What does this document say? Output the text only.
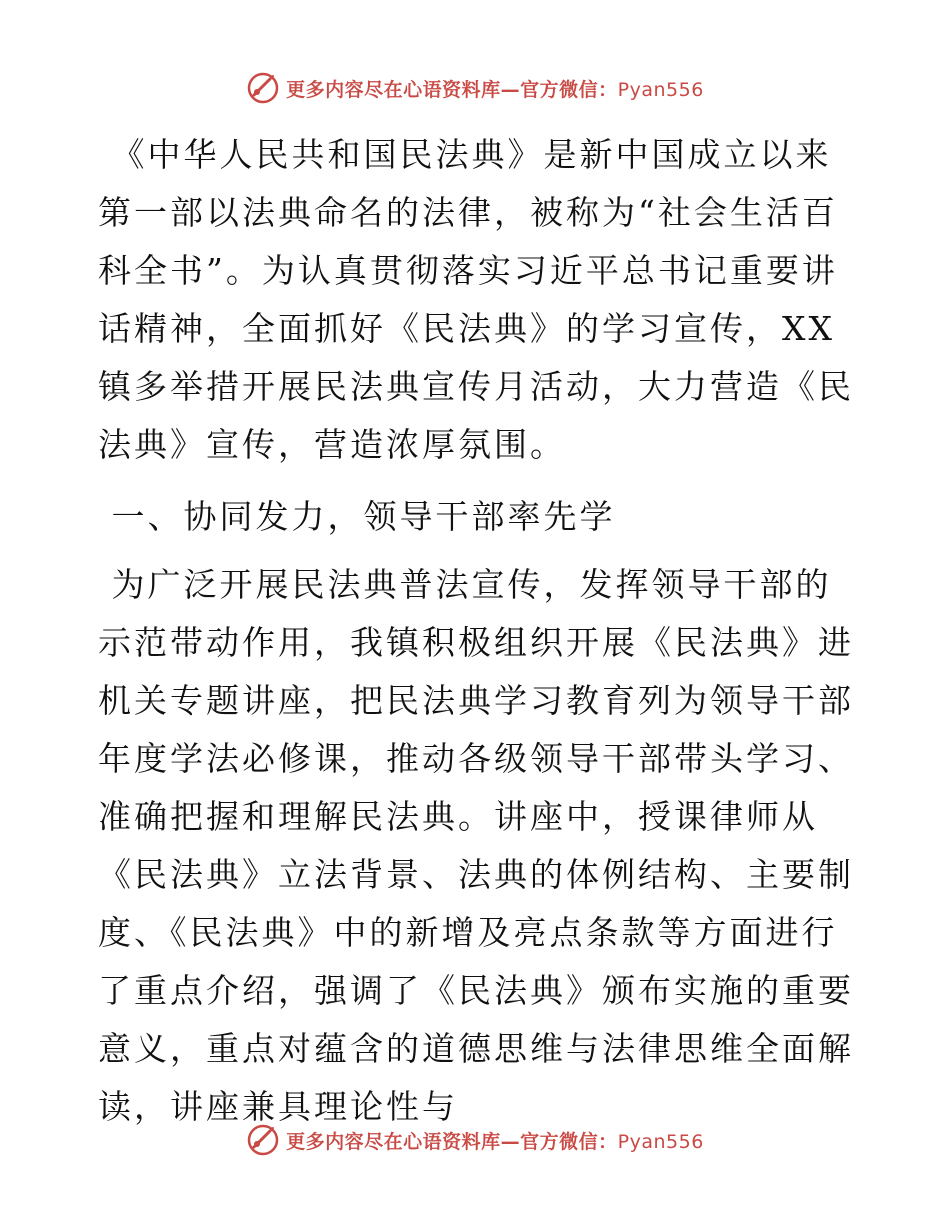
更多内容尽在心语资料库—官方微信：Pyan556

《中华人民共和国民法典》是新中国成立以来第一部以法典命名的法律，被称为“社会生活百科全书”。为认真贯彻落实习近平总书记重要讲话精神，全面抓好《民法典》的学习宣传，XX镇多举措开展民法典宣传月活动，大力营造《民法典》宣传，营造浓厚氛围。

一、协同发力，领导干部率先学

为广泛开展民法典普法宣传，发挥领导干部的示范带动作用，我镇积极组织开展《民法典》进机关专题讲座，把民法典学习教育列为领导干部年度学法必修课，推动各级领导干部带头学习、准确把握和理解民法典。讲座中，授课律师从《民法典》立法背景、法典的体例结构、主要制度、《民法典》中的新增及亮点条款等方面进行了重点介绍，强调了《民法典》颁布实施的重要意义，重点对蕴含的道德思维与法律思维全面解读，讲座兼具理论性与

更多内容尽在心语资料库—官方微信：Pyan556
